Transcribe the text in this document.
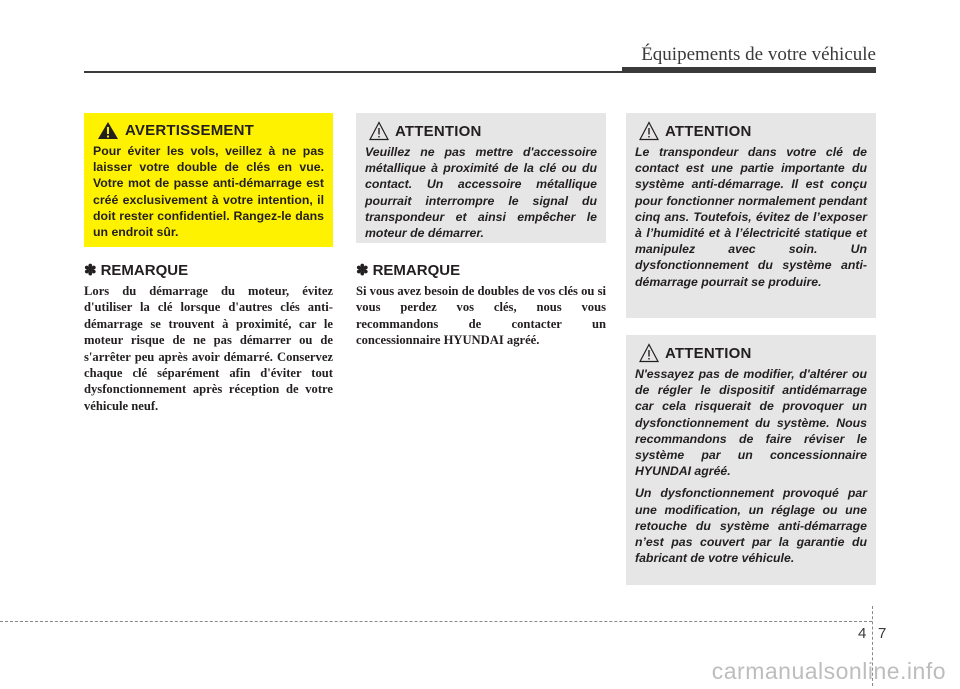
Équipements de votre véhicule
AVERTISSEMENT
Pour éviter les vols, veillez à ne pas laisser votre double de clés en vue. Votre mot de passe anti-démarrage est créé exclusivement à votre intention, il doit rester confidentiel. Rangez-le dans un endroit sûr.
ATTENTION
Veuillez ne pas mettre d'accessoire métallique à proximité de la clé ou du contact. Un accessoire métallique pourrait interrompre le signal du transpondeur et ainsi empêcher le moteur de démarrer.
ATTENTION
Le transpondeur dans votre clé de contact est une partie importante du système anti-démarrage. Il est conçu pour fonctionner normalement pendant cinq ans. Toutefois, évitez de l’exposer à l’humidité et à l’électricité statique et manipulez avec soin. Un dysfonctionnement du système anti-démarrage pourrait se produire.
ATTENTION

N'essayez pas de modifier, d'altérer ou de régler le dispositif antidémarrage car cela risquerait de provoquer un dysfonctionnement du système. Nous recommandons de faire réviser le système par un concessionnaire HYUNDAI agréé.

Un dysfonctionnement provoqué par une modification, un réglage ou une retouche du système anti-démarrage n’est pas couvert par la garantie du fabricant de votre véhicule.

✽ REMARQUE
Lors du démarrage du moteur, évitez d'utiliser la clé lorsque d'autres clés anti-démarrage se trouvent à proximité, car le moteur risque de ne pas démarrer ou de s'arrêter peu après avoir démarré. Conservez chaque clé séparément afin d'éviter tout dysfonctionnement après réception de votre véhicule neuf.
✽ REMARQUE
Si vous avez besoin de doubles de vos clés ou si vous perdez vos clés, nous vous recommandons de contacter un concessionnaire HYUNDAI agréé.
4 7
carmanualsonline.info
